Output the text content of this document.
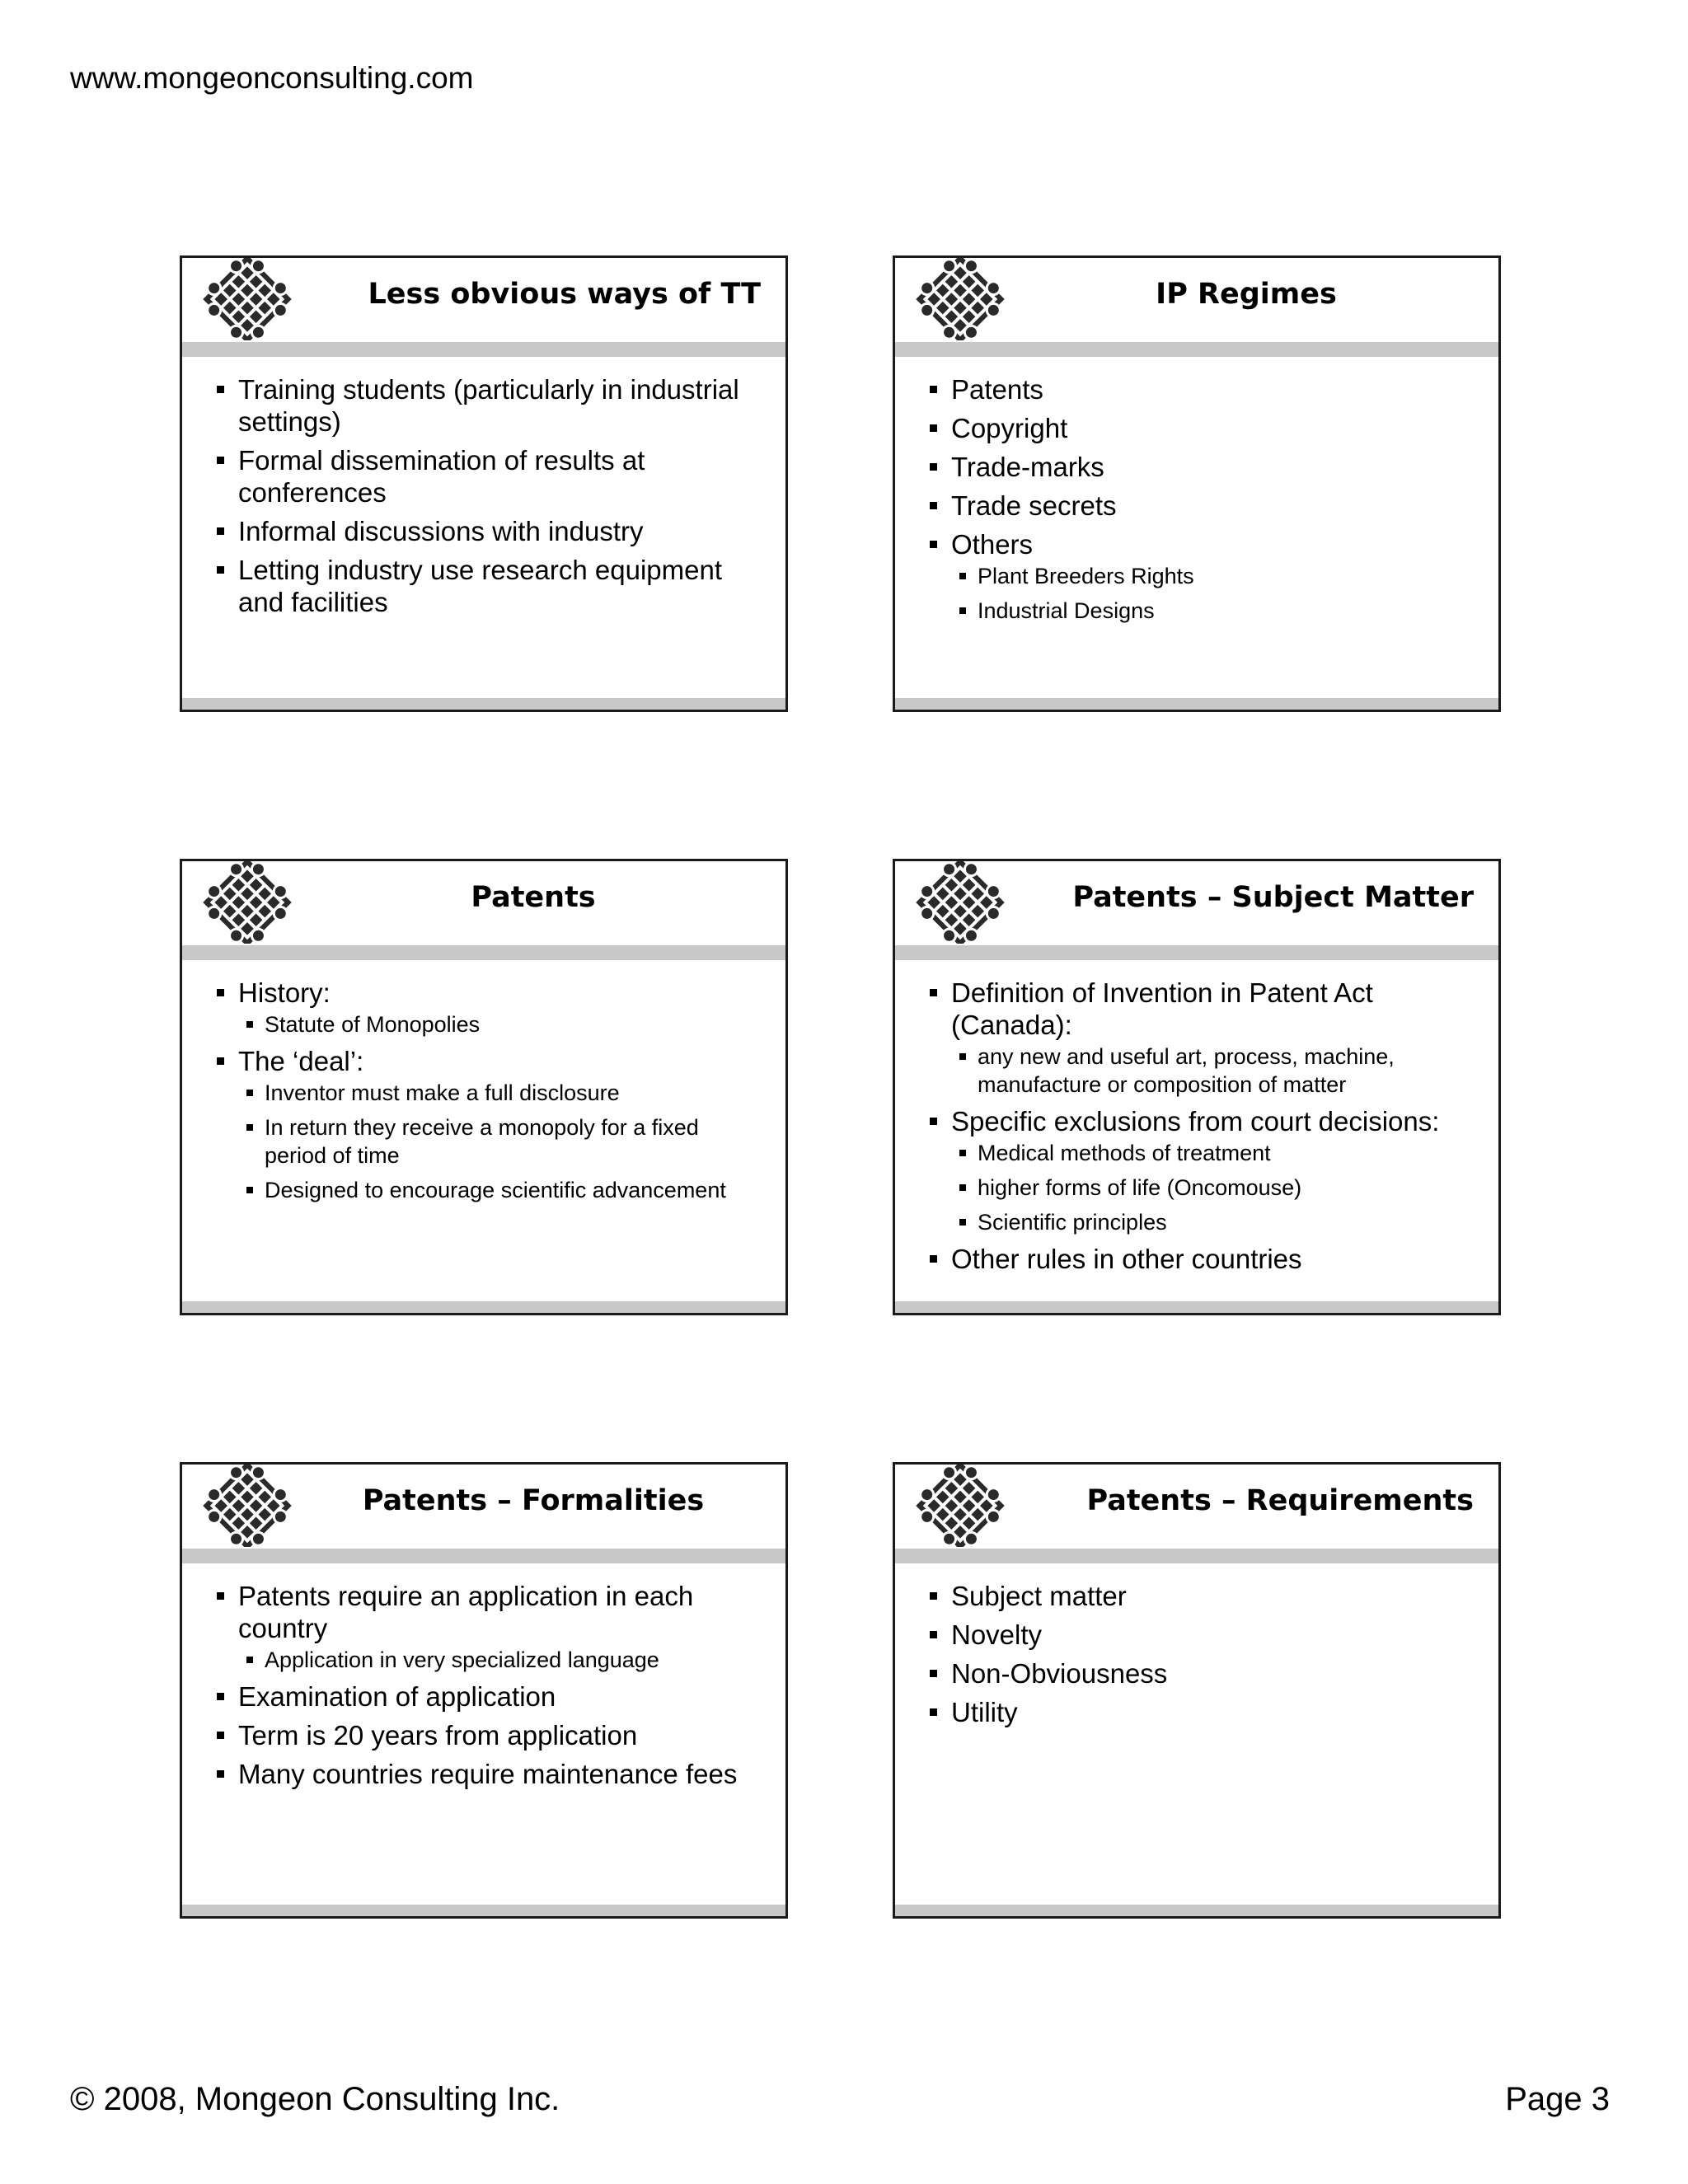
www.mongeonconsulting.com
Less obvious ways of TT
Training students (particularly in industrial settings)
Formal dissemination of results at conferences
Informal discussions with industry
Letting industry use research equipment and facilities
IP Regimes
Patents
Copyright
Trade-marks
Trade secrets
Others
Plant Breeders Rights
Industrial Designs
Patents
History:
Statute of Monopolies
The ‘deal’:
Inventor must make a full disclosure
In return they receive a monopoly for a fixed period of time
Designed to encourage scientific advancement
Patents – Subject Matter
Definition of Invention in Patent Act (Canada):
any new and useful art, process, machine, manufacture or composition of matter
Specific exclusions from court decisions:
Medical methods of treatment
higher forms of life (Oncomouse)
Scientific principles
Other rules in other countries
Patents – Formalities
Patents require an application in each country
Application in very specialized language
Examination of application
Term is 20 years from application
Many countries require maintenance fees
Patents – Requirements
Subject matter
Novelty
Non-Obviousness
Utility
© 2008, Mongeon Consulting Inc.	Page 3
